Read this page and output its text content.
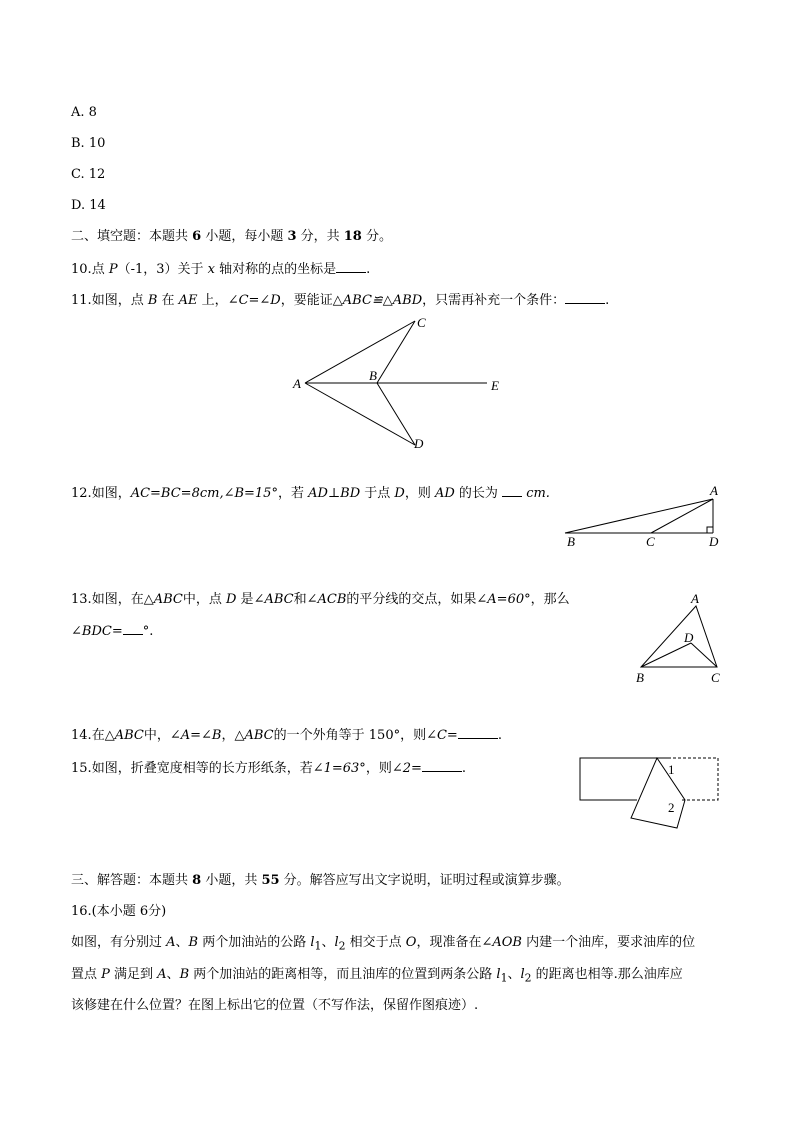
A. 8
B. 10
C. 12
D. 14
二、填空题：本题共 6 小题，每小题 3 分，共 18 分。
10.点 P（-1，3）关于 x 轴对称的点的坐标是 .
11.如图，点 B 在 AE 上，∠C=∠D，要能证△ABC≌△ABD，只需再补充一个条件：	.
A
B
C
D
E
12.如图，AC=BC=8cm,∠B=15°，若 AD⊥BD 于点 D，则 AD 的长为  cm.	A
B	C	D
13.如图，在△ABC中，点 D 是∠ABC和∠ACB的平分线的交点，如果∠A=60°，那么
∠BDC= °.
A
D
B	C
14.在△ABC中，∠A=∠B，△ABC的一个外角等于 150°，则∠C=	.
15.如图，折叠宽度相等的长方形纸条，若∠1=63°，则∠2=	.	1
2
三、解答题：本题共 8 小题，共 55 分。解答应写出文字说明，证明过程或演算步骤。
16.(本小题 6分)
如图，有分别过 A、B 两个加油站的公路 $l_1$、$l_2$ 相交于点 O，现准备在∠AOB 内建一个油库，要求油库的位
置点 P 满足到 A、B 两个加油站的距离相等，而且油库的位置到两条公路 $l_1$、$l_2$ 的距离也相等.那么油库应
该修建在什么位置？在图上标出它的位置（不写作法，保留作图痕迹）.
